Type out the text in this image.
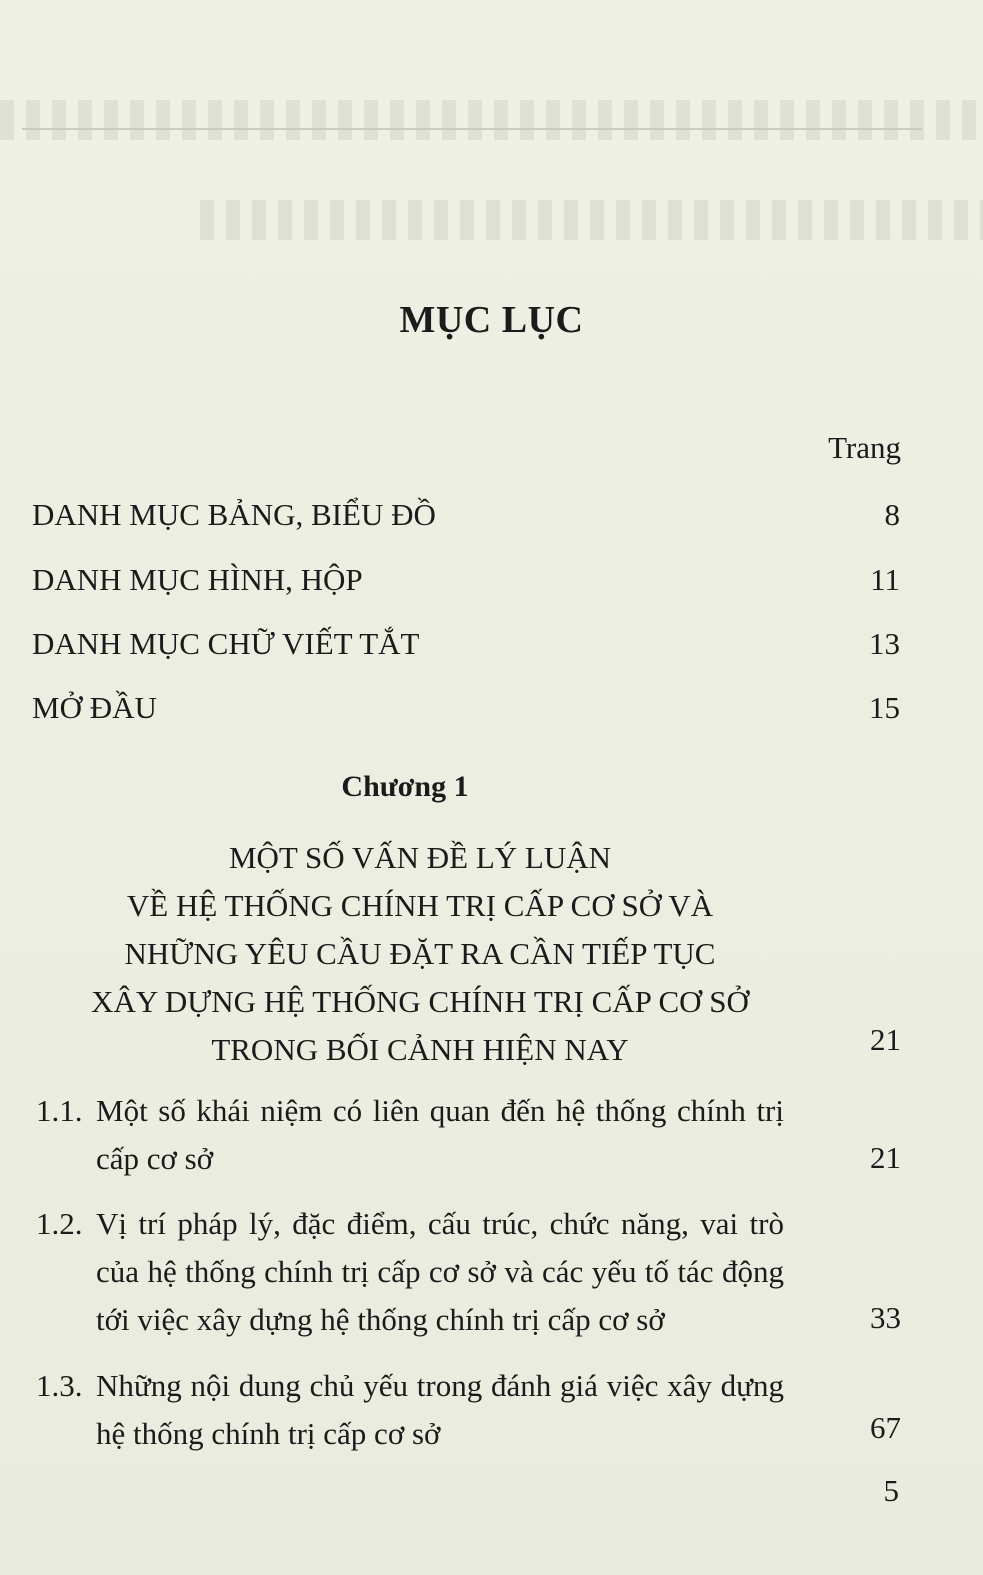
MỤC LỤC
Trang
DANH MỤC BẢNG, BIỂU ĐỒ	8
DANH MỤC HÌNH, HỘP	11
DANH MỤC CHỮ VIẾT TẮT	13
MỞ ĐẦU	15
Chương 1
MỘT SỐ VẤN ĐỀ LÝ LUẬN
VỀ HỆ THỐNG CHÍNH TRỊ CẤP CƠ SỞ VÀ
NHỮNG YÊU CẦU ĐẶT RA CẦN TIẾP TỤC
XÂY DỰNG HỆ THỐNG CHÍNH TRỊ CẤP CƠ SỞ
TRONG BỐI CẢNH HIỆN NAY	21
1.1. Một số khái niệm có liên quan đến hệ thống chính trị cấp cơ sở	21
1.2. Vị trí pháp lý, đặc điểm, cấu trúc, chức năng, vai trò của hệ thống chính trị cấp cơ sở và các yếu tố tác động tới việc xây dựng hệ thống chính trị cấp cơ sở	33
1.3. Những nội dung chủ yếu trong đánh giá việc xây dựng hệ thống chính trị cấp cơ sở	67
5
